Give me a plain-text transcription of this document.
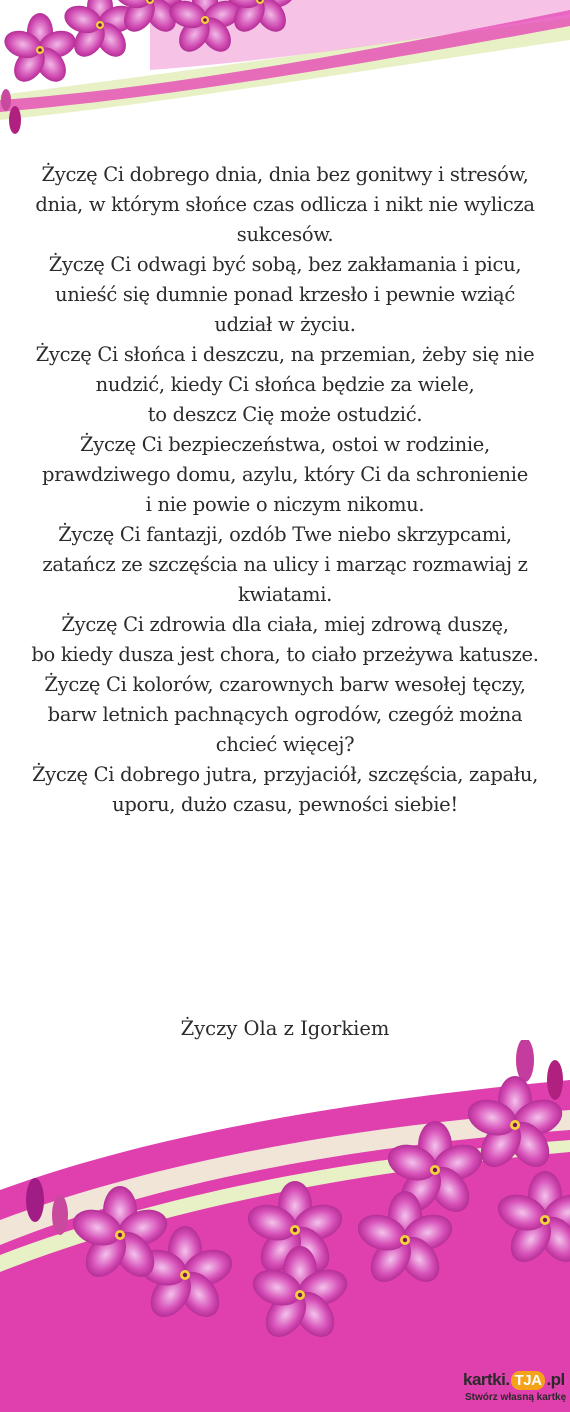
Życzę Ci dobrego dnia, dnia bez gonitwy i stresów,
dnia, w którym słońce czas odlicza i nikt nie wylicza
sukcesów.
Życzę Ci odwagi być sobą, bez zakłamania i picu,
unieść się dumnie ponad krzesło i pewnie wziąć
udział w życiu.
Życzę Ci słońca i deszczu, na przemian, żeby się nie
nudzić, kiedy Ci słońca będzie za wiele,
to deszcz Cię może ostudzić.
Życzę Ci bezpieczeństwa, ostoi w rodzinie,
prawdziwego domu, azylu, który Ci da schronienie
i nie powie o niczym nikomu.
Życzę Ci fantazji, ozdób Twe niebo skrzypcami,
zatańcz ze szczęścia na ulicy i marząc rozmawiaj z
kwiatami.
Życzę Ci zdrowia dla ciała, miej zdrową duszę,
bo kiedy dusza jest chora, to ciało przeżywa katusze.
Życzę Ci kolorów, czarownych barw wesołej tęczy,
barw letnich pachnących ogrodów, czegóż można
chcieć więcej?
Życzę Ci dobrego jutra, przyjaciół, szczęścia, zapału,
uporu, dużo czasu, pewności siebie!

Życzy Ola z Igorkiem
kartki. TJA .pl
Stwórz własną kartkę
